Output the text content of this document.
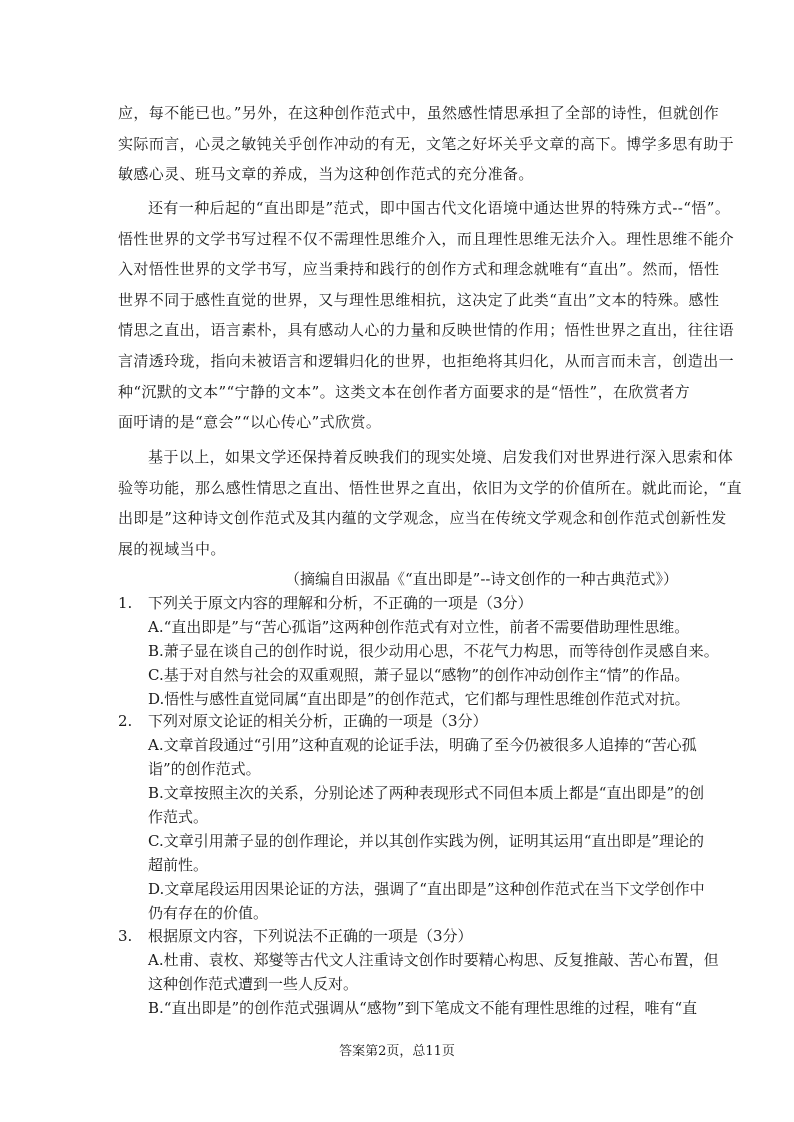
应，每不能已也。”另外，在这种创作范式中，虽然感性情思承担了全部的诗性，但就创作
实际而言，心灵之敏钝关乎创作冲动的有无，文笔之好坏关乎文章的高下。博学多思有助于
敏感心灵、班马文章的养成，当为这种创作范式的充分准备。
还有一种后起的“直出即是”范式，即中国古代文化语境中通达世界的特殊方式--“悟”。
悟性世界的文学书写过程不仅不需理性思维介入，而且理性思维无法介入。理性思维不能介
入对悟性世界的文学书写，应当秉持和践行的创作方式和理念就唯有“直出”。然而，悟性
世界不同于感性直觉的世界，又与理性思维相抗，这决定了此类“直出”文本的特殊。感性
情思之直出，语言素朴，具有感动人心的力量和反映世情的作用；悟性世界之直出，往往语
言清透玲珑，指向未被语言和逻辑归化的世界，也拒绝将其归化，从而言而未言，创造出一
种“沉默的文本”“宁静的文本”。这类文本在创作者方面要求的是“悟性”，在欣赏者方
面吁请的是“意会”“以心传心”式欣赏。
基于以上，如果文学还保持着反映我们的现实处境、启发我们对世界进行深入思索和体
验等功能，那么感性情思之直出、悟性世界之直出，依旧为文学的价值所在。就此而论，“直
出即是”这种诗文创作范式及其内蕴的文学观念，应当在传统文学观念和创作范式创新性发
展的视域当中。
（摘编自田淑晶《“直出即是”--诗文创作的一种古典范式》）
1.	下列关于原文内容的理解和分析，不正确的一项是（3分）
A.“直出即是”与“苦心孤诣”这两种创作范式有对立性，前者不需要借助理性思维。
B.萧子显在谈自己的创作时说，很少动用心思，不花气力构思，而等待创作灵感自来。
C.基于对自然与社会的双重观照，萧子显以“感物”的创作冲动创作主“情”的作品。
D.悟性与感性直觉同属“直出即是”的创作范式，它们都与理性思维创作范式对抗。
2.	下列对原文论证的相关分析，正确的一项是（3分）
A.文章首段通过“引用”这种直观的论证手法，明确了至今仍被很多人追捧的“苦心孤
诣”的创作范式。
B.文章按照主次的关系，分别论述了两种表现形式不同但本质上都是“直出即是”的创
作范式。
C.文章引用萧子显的创作理论，并以其创作实践为例，证明其运用“直出即是”理论的
超前性。
D.文章尾段运用因果论证的方法，强调了“直出即是”这种创作范式在当下文学创作中
仍有存在的价值。
3.	根据原文内容，下列说法不正确的一项是（3分）
A.杜甫、袁枚、郑燮等古代文人注重诗文创作时要精心构思、反复推敲、苦心布置，但
这种创作范式遭到一些人反对。
B.“直出即是”的创作范式强调从“感物”到下笔成文不能有理性思维的过程，唯有“直
答案第2页，总11页
